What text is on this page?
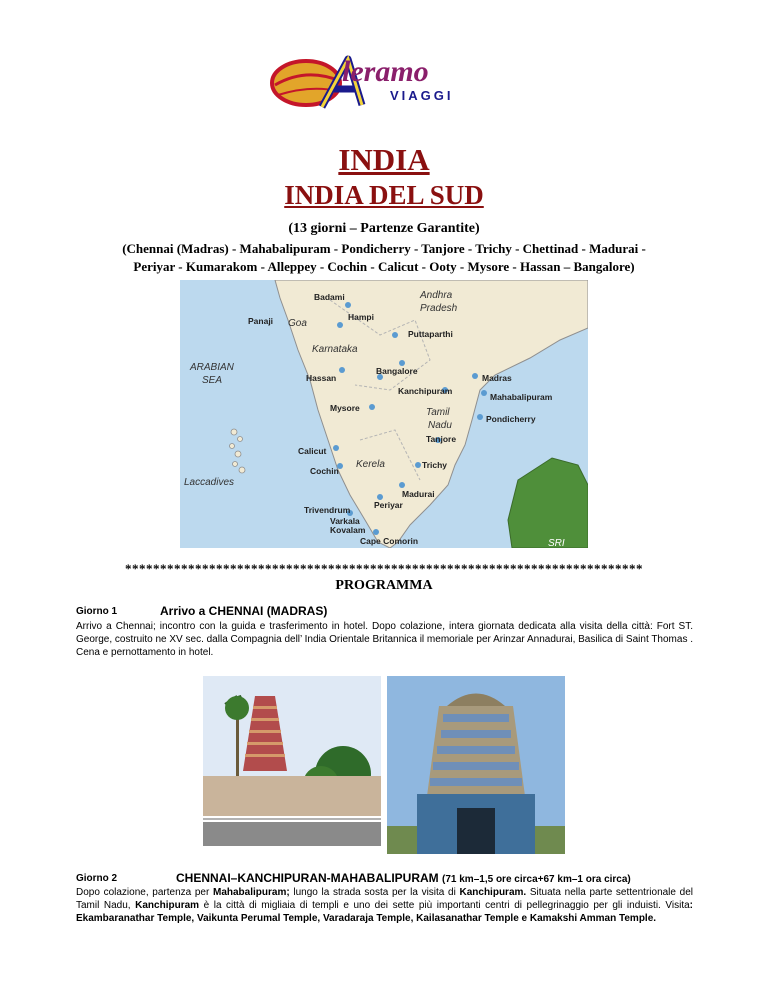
leramo
VIAGGI
INDIA
INDIA DEL SUD
(13 giorni – Partenze Garantite)
(Chennai (Madras) - Mahabalipuram - Pondicherry - Tanjore - Trichy - Chettinad - Madurai -
Periyar - Kumarakom - Alleppey - Cochin - Calicut - Ooty - Mysore - Hassan – Bangalore)
Badami	Andhra
Pradesh
Panaji Goa
Hampi
Puttaparthi
Karnataka
ARABIAN
SEA	Hassan
Bangalore
Madras
Kanchipuram
Mahabalipuram
Mysore	Tamil
Nadu
Pondicherry
Tanjore
Calicut
Kerela	Trichy
Cochin
Laccadives
Madurai
Periyar
Trivendrum
Varkala
Kovalam
Cape Comorin	SRI
**************************************************************************
PROGRAMMA
Giorno 1	Arrivo a CHENNAI (MADRAS)
Arrivo a Chennai; incontro con la guida e trasferimento in hotel. Dopo colazione, intera giornata dedicata alla visita della città: Fort ST. George, costruito ne XV sec. dalla Compagnia dell’ India Orientale Britannica il memoriale per Arinzar Annadurai, Basilica di Saint Thomas . Cena e pernottamento in hotel.
Giorno 2	CHENNAI–KANCHIPURAN-MAHABALIPURAM (71 km–1,5 ore circa+67 km–1 ora circa)
Dopo colazione, partenza per Mahabalipuram; lungo la strada sosta per la visita di Kanchipuram. Situata nella parte settentrionale del Tamil Nadu, Kanchipuram è la città di migliaia di templi e uno dei sette più importanti centri di pellegrinaggio per gli induisti. Visita: Ekambaranathar Temple, Vaikunta Perumal Temple, Varadaraja Temple, Kailasanathar Temple e Kamakshi Amman Temple.
